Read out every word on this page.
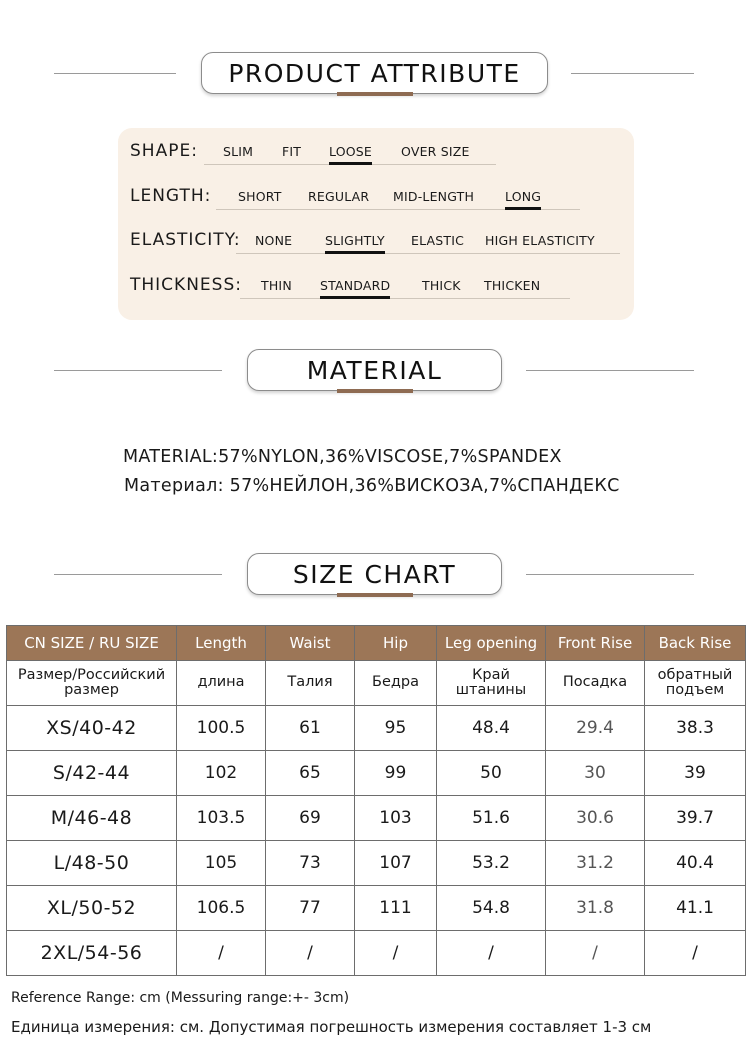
PRODUCT ATTRIBUTE
SHAPE: SLIM FIT LOOSE OVER SIZE
LENGTH: SHORT REGULAR MID-LENGTH LONG
ELASTICITY: NONE	SLIGHTLY ELASTIC HIGH ELASTICITY
THICKNESS: THIN STANDARD	THICK THICKEN
MATERIAL
MATERIAL:57%NYLON,36%VISCOSE,7%SPANDEX
Материал: 57%НЕЙЛОН,36%ВИСКОЗА,7%СПАНДЕКС
SIZE CHART
CN SIZE / RU SIZE	Length	Waist	Hip	Leg opening	Front Rise	Back Rise
Размер/Российский размер	длина	Талия	Бедра	Край штанины	Посадка	обратный подъем
XS/40-42	100.5	61	95	48.4	29.4	38.3
S/42-44	102	65	99	50	30	39
M/46-48	103.5	69	103	51.6	30.6	39.7
L/48-50	105	73	107	53.2	31.2	40.4
XL/50-52	106.5	77	111	54.8	31.8	41.1
2XL/54-56	/	/	/	/	/	/
Reference Range: cm (Messuring range:+- 3cm)
Единица измерения: см. Допустимая погрешность измерения составляет 1-3 см
